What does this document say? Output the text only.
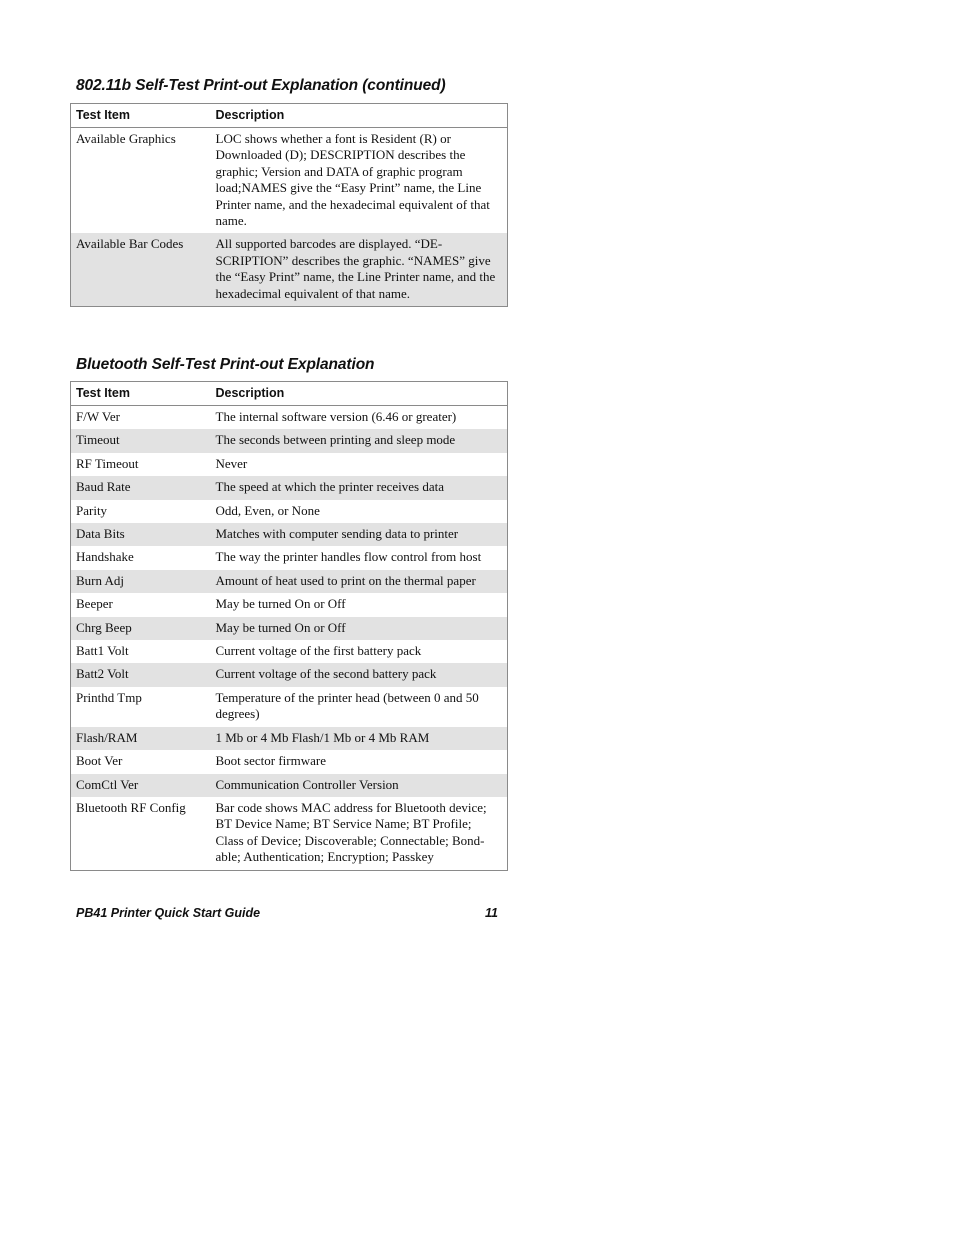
802.11b Self-Test Print-out Explanation (continued)
Test Item	Description
Available Graphics	LOC shows whether a font is Resident (R) or Downloaded (D); DESCRIPTION describes the graphic; Version and DATA of graphic program load;NAMES give the “Easy Print” name, the Line Printer name, and the hexadecimal equivalent of that name.
Available Bar Codes	All supported barcodes are displayed. “DE-SCRIPTION” describes the graphic. “NAMES” give the “Easy Print” name, the Line Printer name, and the hexadecimal equivalent of that name.
Bluetooth Self-Test Print-out Explanation
Test Item	Description
F/W Ver	The internal software version (6.46 or greater)
Timeout	The seconds between printing and sleep mode
RF Timeout	Never
Baud Rate	The speed at which the printer receives data
Parity	Odd, Even, or None
Data Bits	Matches with computer sending data to printer
Handshake	The way the printer handles flow control from host
Burn Adj	Amount of heat used to print on the thermal paper
Beeper	May be turned On or Off
Chrg Beep	May be turned On or Off
Batt1 Volt	Current voltage of the first battery pack
Batt2 Volt	Current voltage of the second battery pack
Printhd Tmp	Temperature of the printer head (between 0 and 50 degrees)
Flash/RAM	1 Mb or 4 Mb Flash/1 Mb or 4 Mb RAM
Boot Ver	Boot sector firmware
ComCtl Ver	Communication Controller Version
Bluetooth RF Config	Bar code shows MAC address for Bluetooth device; BT Device Name; BT Service Name; BT Profile; Class of Device; Discoverable; Connectable; Bond-able; Authentication; Encryption; Passkey
PB41 Printer Quick Start Guide	11
